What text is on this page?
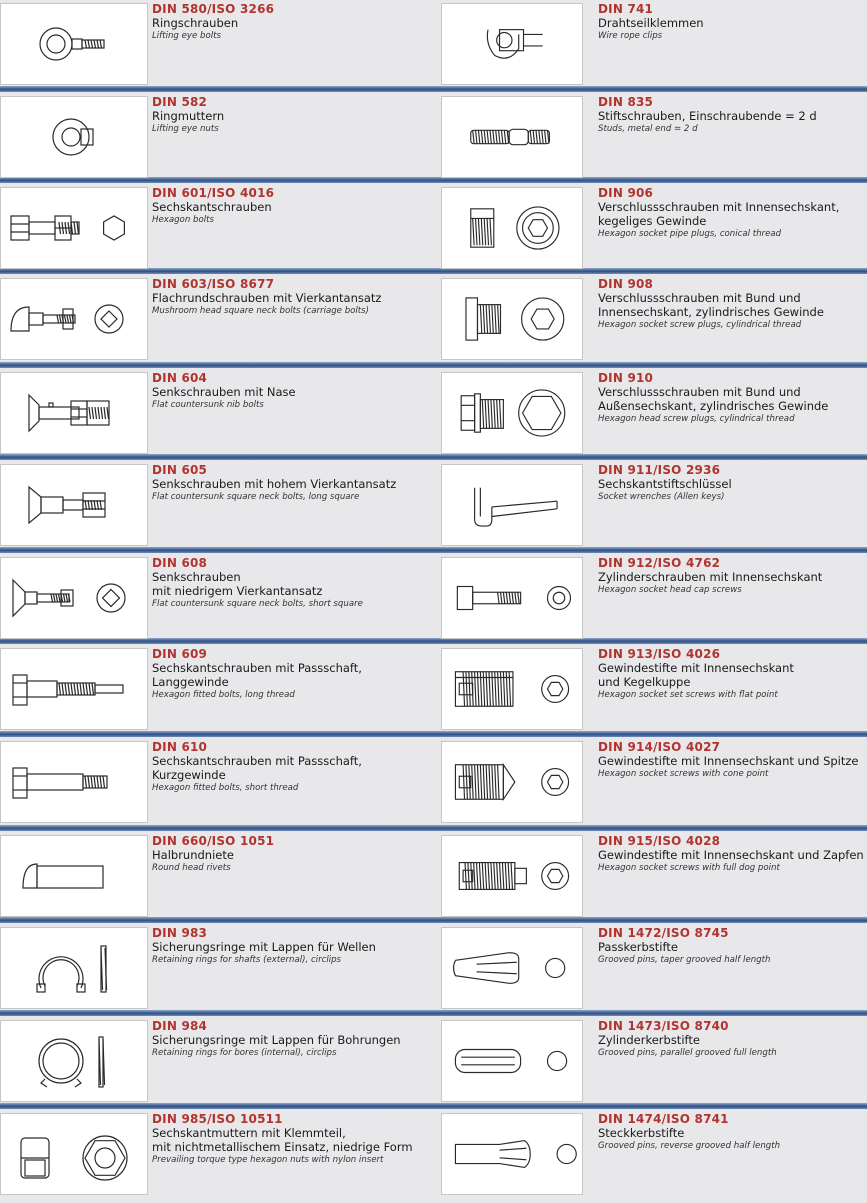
DIN 580/ISO 3266
Ringschrauben
Lifting eye bolts
DIN 741
Drahtseilklemmen
Wire rope clips
DIN 582
Ringmuttern
Lifting eye nuts
DIN 835
Stiftschrauben, Einschraubende = 2 d
Studs, metal end = 2 d
DIN 601/ISO 4016
Sechskantschrauben
Hexagon bolts
DIN 906
Verschlussschrauben mit Innensechskant,
kegeliges Gewinde
Hexagon socket pipe plugs, conical thread
DIN 603/ISO 8677
Flachrundschrauben mit Vierkantansatz
Mushroom head square neck bolts (carriage bolts)
DIN 908
Verschlussschrauben mit Bund und
Innensechskant, zylindrisches Gewinde
Hexagon socket screw plugs, cylindrical thread
DIN 604
Senkschrauben mit Nase
Flat countersunk nib bolts
DIN 910
Verschlussschrauben mit Bund und
Außensechskant, zylindrisches Gewinde
Hexagon head screw plugs, cylindrical thread
DIN 605
Senkschrauben mit hohem Vierkantansatz
Flat countersunk square neck bolts, long square
DIN 911/ISO 2936
Sechskantstiftschlüssel
Socket wrenches (Allen keys)
DIN 608
Senkschrauben
mit niedrigem Vierkantansatz
Flat countersunk square neck bolts, short square
DIN 912/ISO 4762
Zylinderschrauben mit Innensechskant
Hexagon socket head cap screws
DIN 609
Sechskantschrauben mit Passschaft,
Langgewinde
Hexagon fitted bolts, long thread
DIN 913/ISO 4026
Gewindestifte mit Innensechskant
und Kegelkuppe
Hexagon socket set screws with flat point
DIN 610
Sechskantschrauben mit Passschaft,
Kurzgewinde
Hexagon fitted bolts, short thread
DIN 914/ISO 4027
Gewindestifte mit Innensechskant und Spitze
Hexagon socket screws with cone point
DIN 660/ISO 1051
Halbrundniete
Round head rivets
DIN 915/ISO 4028
Gewindestifte mit Innensechskant und Zapfen
Hexagon socket screws with full dog point
DIN 983
Sicherungsringe mit Lappen für Wellen
Retaining rings for shafts (external), circlips
DIN 1472/ISO 8745
Passkerbstifte
Grooved pins, taper grooved half length
DIN 984
Sicherungsringe mit Lappen für Bohrungen
Retaining rings for bores (internal), circlips
DIN 1473/ISO 8740
Zylinderkerbstifte
Grooved pins, parallel grooved full length
DIN 985/ISO 10511
Sechskantmuttern mit Klemmteil,
mit nichtmetallischem Einsatz, niedrige Form
Prevailing torque type hexagon nuts with nylon insert
DIN 1474/ISO 8741
Steckkerbstifte
Grooved pins, reverse grooved half length
